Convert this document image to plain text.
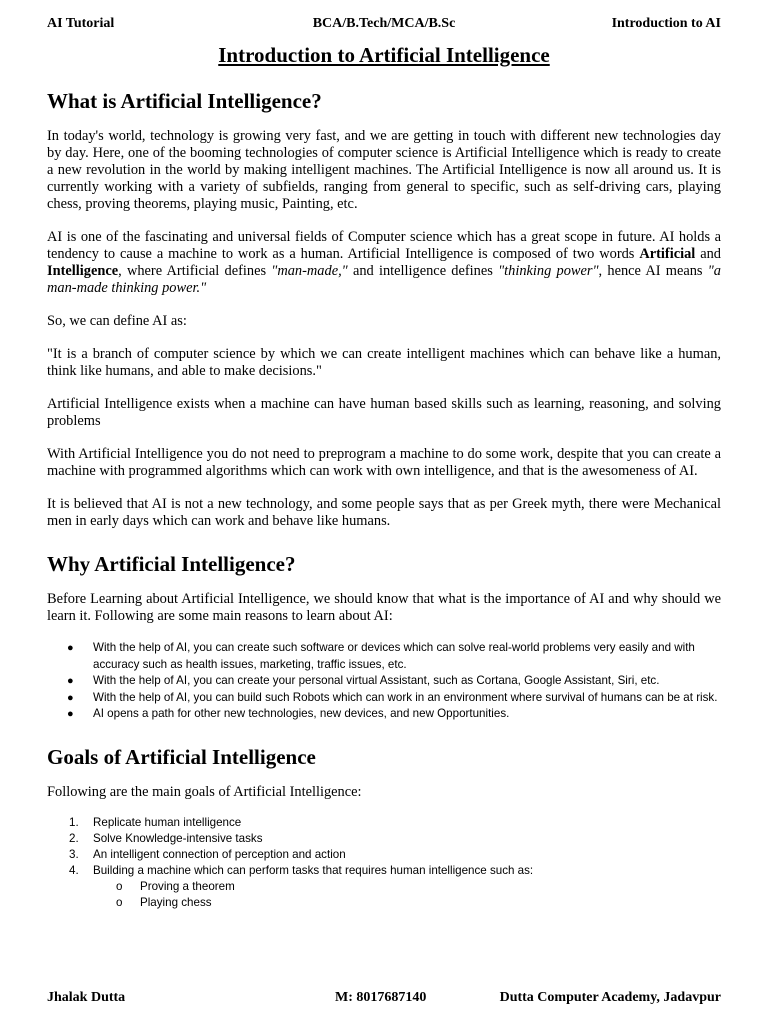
AI Tutorial	BCA/B.Tech/MCA/B.Sc	Introduction to AI
Introduction to Artificial Intelligence
What is Artificial Intelligence?

In today's world, technology is growing very fast, and we are getting in touch with different new technologies day by day. Here, one of the booming technologies of computer science is Artificial Intelligence which is ready to create a new revolution in the world by making intelligent machines. The Artificial Intelligence is now all around us. It is currently working with a variety of subfields, ranging from general to specific, such as self-driving cars, playing chess, proving theorems, playing music, Painting, etc.

AI is one of the fascinating and universal fields of Computer science which has a great scope in future. AI holds a tendency to cause a machine to work as a human. Artificial Intelligence is composed of two words Artificial and Intelligence, where Artificial defines "man-made," and intelligence defines "thinking power", hence AI means "a man-made thinking power."

So, we can define AI as:

"It is a branch of computer science by which we can create intelligent machines which can behave like a human, think like humans, and able to make decisions."

Artificial Intelligence exists when a machine can have human based skills such as learning, reasoning, and solving problems

With Artificial Intelligence you do not need to preprogram a machine to do some work, despite that you can create a machine with programmed algorithms which can work with own intelligence, and that is the awesomeness of AI.

It is believed that AI is not a new technology, and some people says that as per Greek myth, there were Mechanical men in early days which can work and behave like humans.

Why Artificial Intelligence?

Before Learning about Artificial Intelligence, we should know that what is the importance of AI and why should we learn it. Following are some main reasons to learn about AI:

● With the help of AI, you can create such software or devices which can solve real-world problems very easily and with accuracy such as health issues, marketing, traffic issues, etc.
● With the help of AI, you can create your personal virtual Assistant, such as Cortana, Google Assistant, Siri, etc.
● With the help of AI, you can build such Robots which can work in an environment where survival of humans can be at risk.
● AI opens a path for other new technologies, new devices, and new Opportunities.
Goals of Artificial Intelligence

Following are the main goals of Artificial Intelligence:

1. Replicate human intelligence
2. Solve Knowledge-intensive tasks
3. An intelligent connection of perception and action
4. Building a machine which can perform tasks that requires human intelligence such as:
o Proving a theorem
o Playing chess
Jhalak Dutta	M: 8017687140	Dutta Computer Academy, Jadavpur
